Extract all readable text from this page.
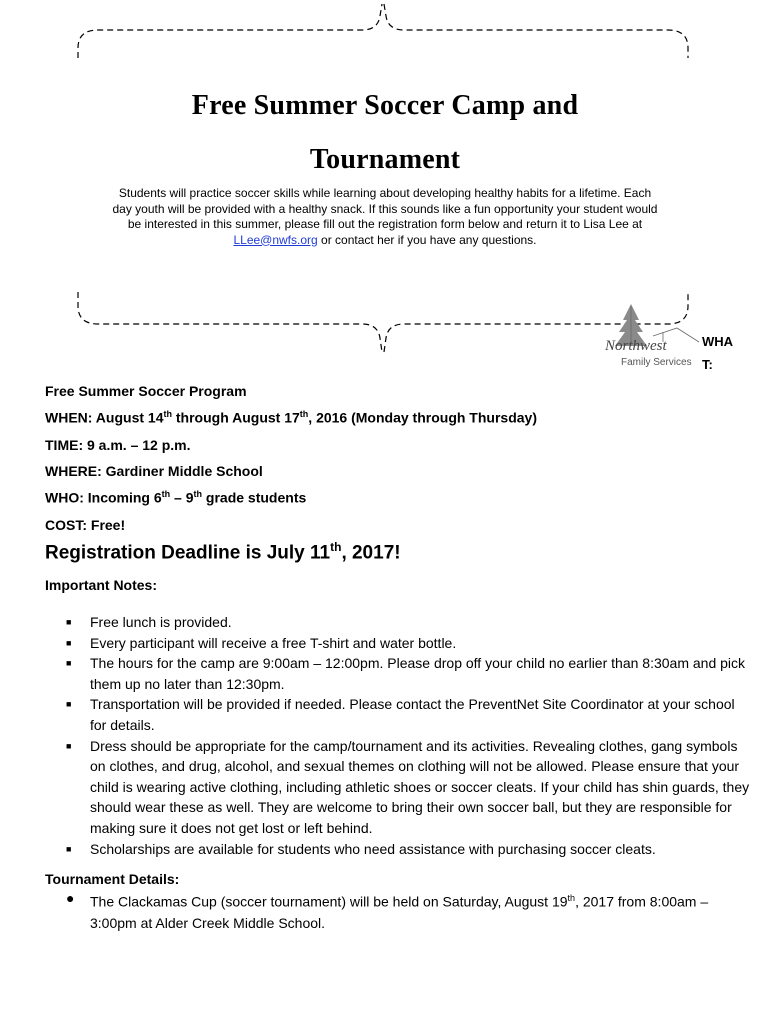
Free Summer Soccer Camp and
Tournament
Students will practice soccer skills while learning about developing healthy habits for a lifetime. Each day youth will be provided with a healthy snack. If this sounds like a fun opportunity your student would be interested in this summer, please fill out the registration form below and return it to Lisa Lee at LLee@nwfs.org or contact her if you have any questions.
Northwest
Family Services
WHA
T:
Free Summer Soccer Program
WHEN: August 14th through August 17th, 2016 (Monday through Thursday)
TIME: 9 a.m. – 12 p.m.
WHERE: Gardiner Middle School
WHO: Incoming 6th – 9th grade students
COST: Free!
Registration Deadline is July 11th, 2017!
Important Notes:
■ Free lunch is provided.
■ Every participant will receive a free T-shirt and water bottle.
■ The hours for the camp are 9:00am – 12:00pm. Please drop off your child no earlier than 8:30am and pick them up no later than 12:30pm.
■ Transportation will be provided if needed. Please contact the PreventNet Site Coordinator at your school for details.
■ Dress should be appropriate for the camp/tournament and its activities. Revealing clothes, gang symbols on clothes, and drug, alcohol, and sexual themes on clothing will not be allowed. Please ensure that your child is wearing active clothing, including athletic shoes or soccer cleats. If your child has shin guards, they should wear these as well. They are welcome to bring their own soccer ball, but they are responsible for making sure it does not get lost or left behind.
■ Scholarships are available for students who need assistance with purchasing soccer cleats.
Tournament Details:
● The Clackamas Cup (soccer tournament) will be held on Saturday, August 19th, 2017 from 8:00am – 3:00pm at Alder Creek Middle School.
